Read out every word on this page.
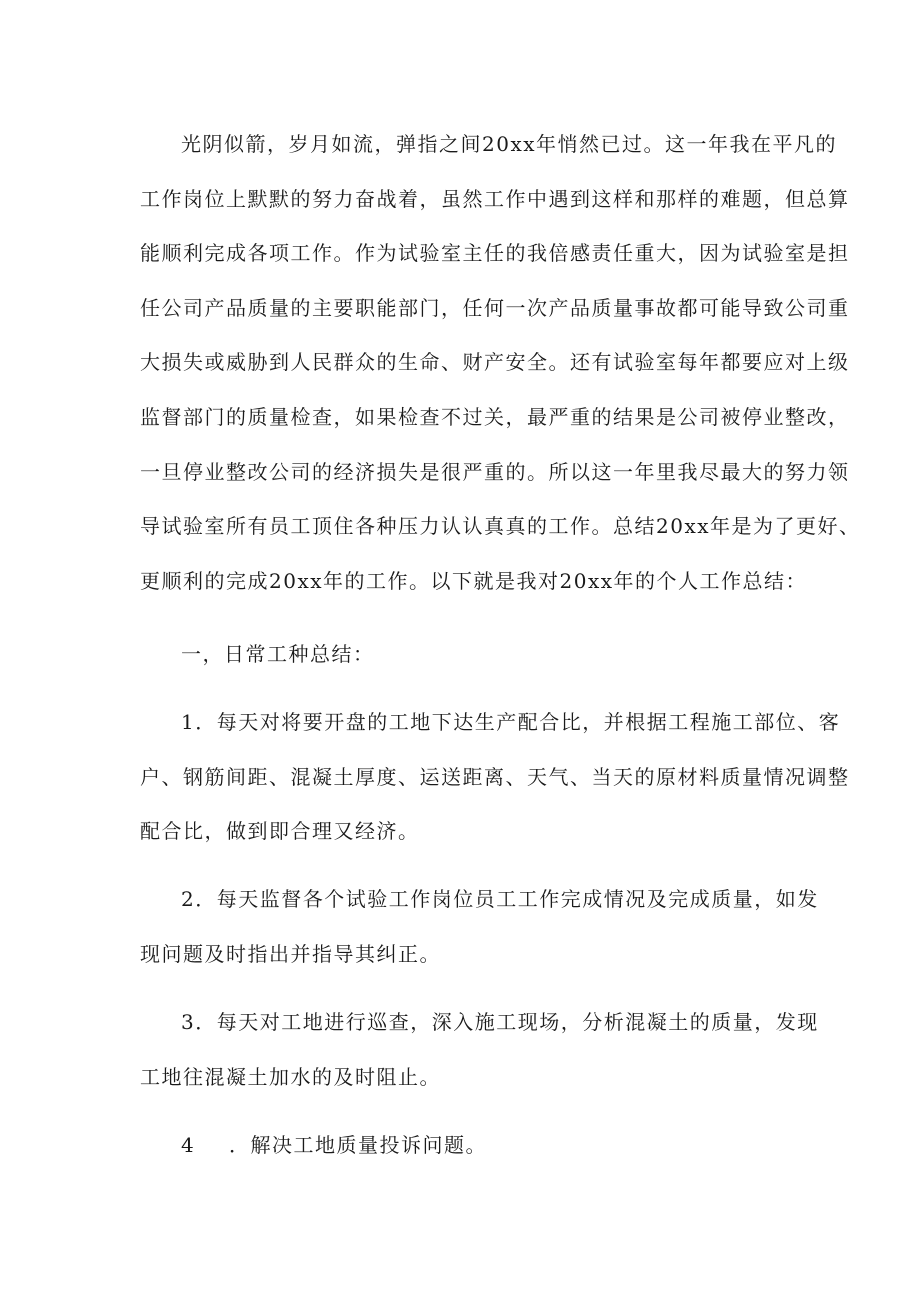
光阴似箭，岁月如流，弹指之间20xx年悄然已过。这一年我在平凡的
工作岗位上默默的努力奋战着，虽然工作中遇到这样和那样的难题，但总算
能顺利完成各项工作。作为试验室主任的我倍感责任重大，因为试验室是担
任公司产品质量的主要职能部门，任何一次产品质量事故都可能导致公司重
大损失或威胁到人民群众的生命、财产安全。还有试验室每年都要应对上级
监督部门的质量检查，如果检查不过关，最严重的结果是公司被停业整改，
一旦停业整改公司的经济损失是很严重的。所以这一年里我尽最大的努力领
导试验室所有员工顶住各种压力认认真真的工作。总结20xx年是为了更好、
更顺利的完成20xx年的工作。以下就是我对20xx年的个人工作总结：
一，日常工种总结：
1．每天对将要开盘的工地下达生产配合比，并根据工程施工部位、客
户、钢筋间距、混凝土厚度、运送距离、天气、当天的原材料质量情况调整
配合比，做到即合理又经济。
2．每天监督各个试验工作岗位员工工作完成情况及完成质量，如发
现问题及时指出并指导其纠正。
3．每天对工地进行巡查，深入施工现场，分析混凝土的质量，发现
工地往混凝土加水的及时阻止。
4 ．解决工地质量投诉问题。
